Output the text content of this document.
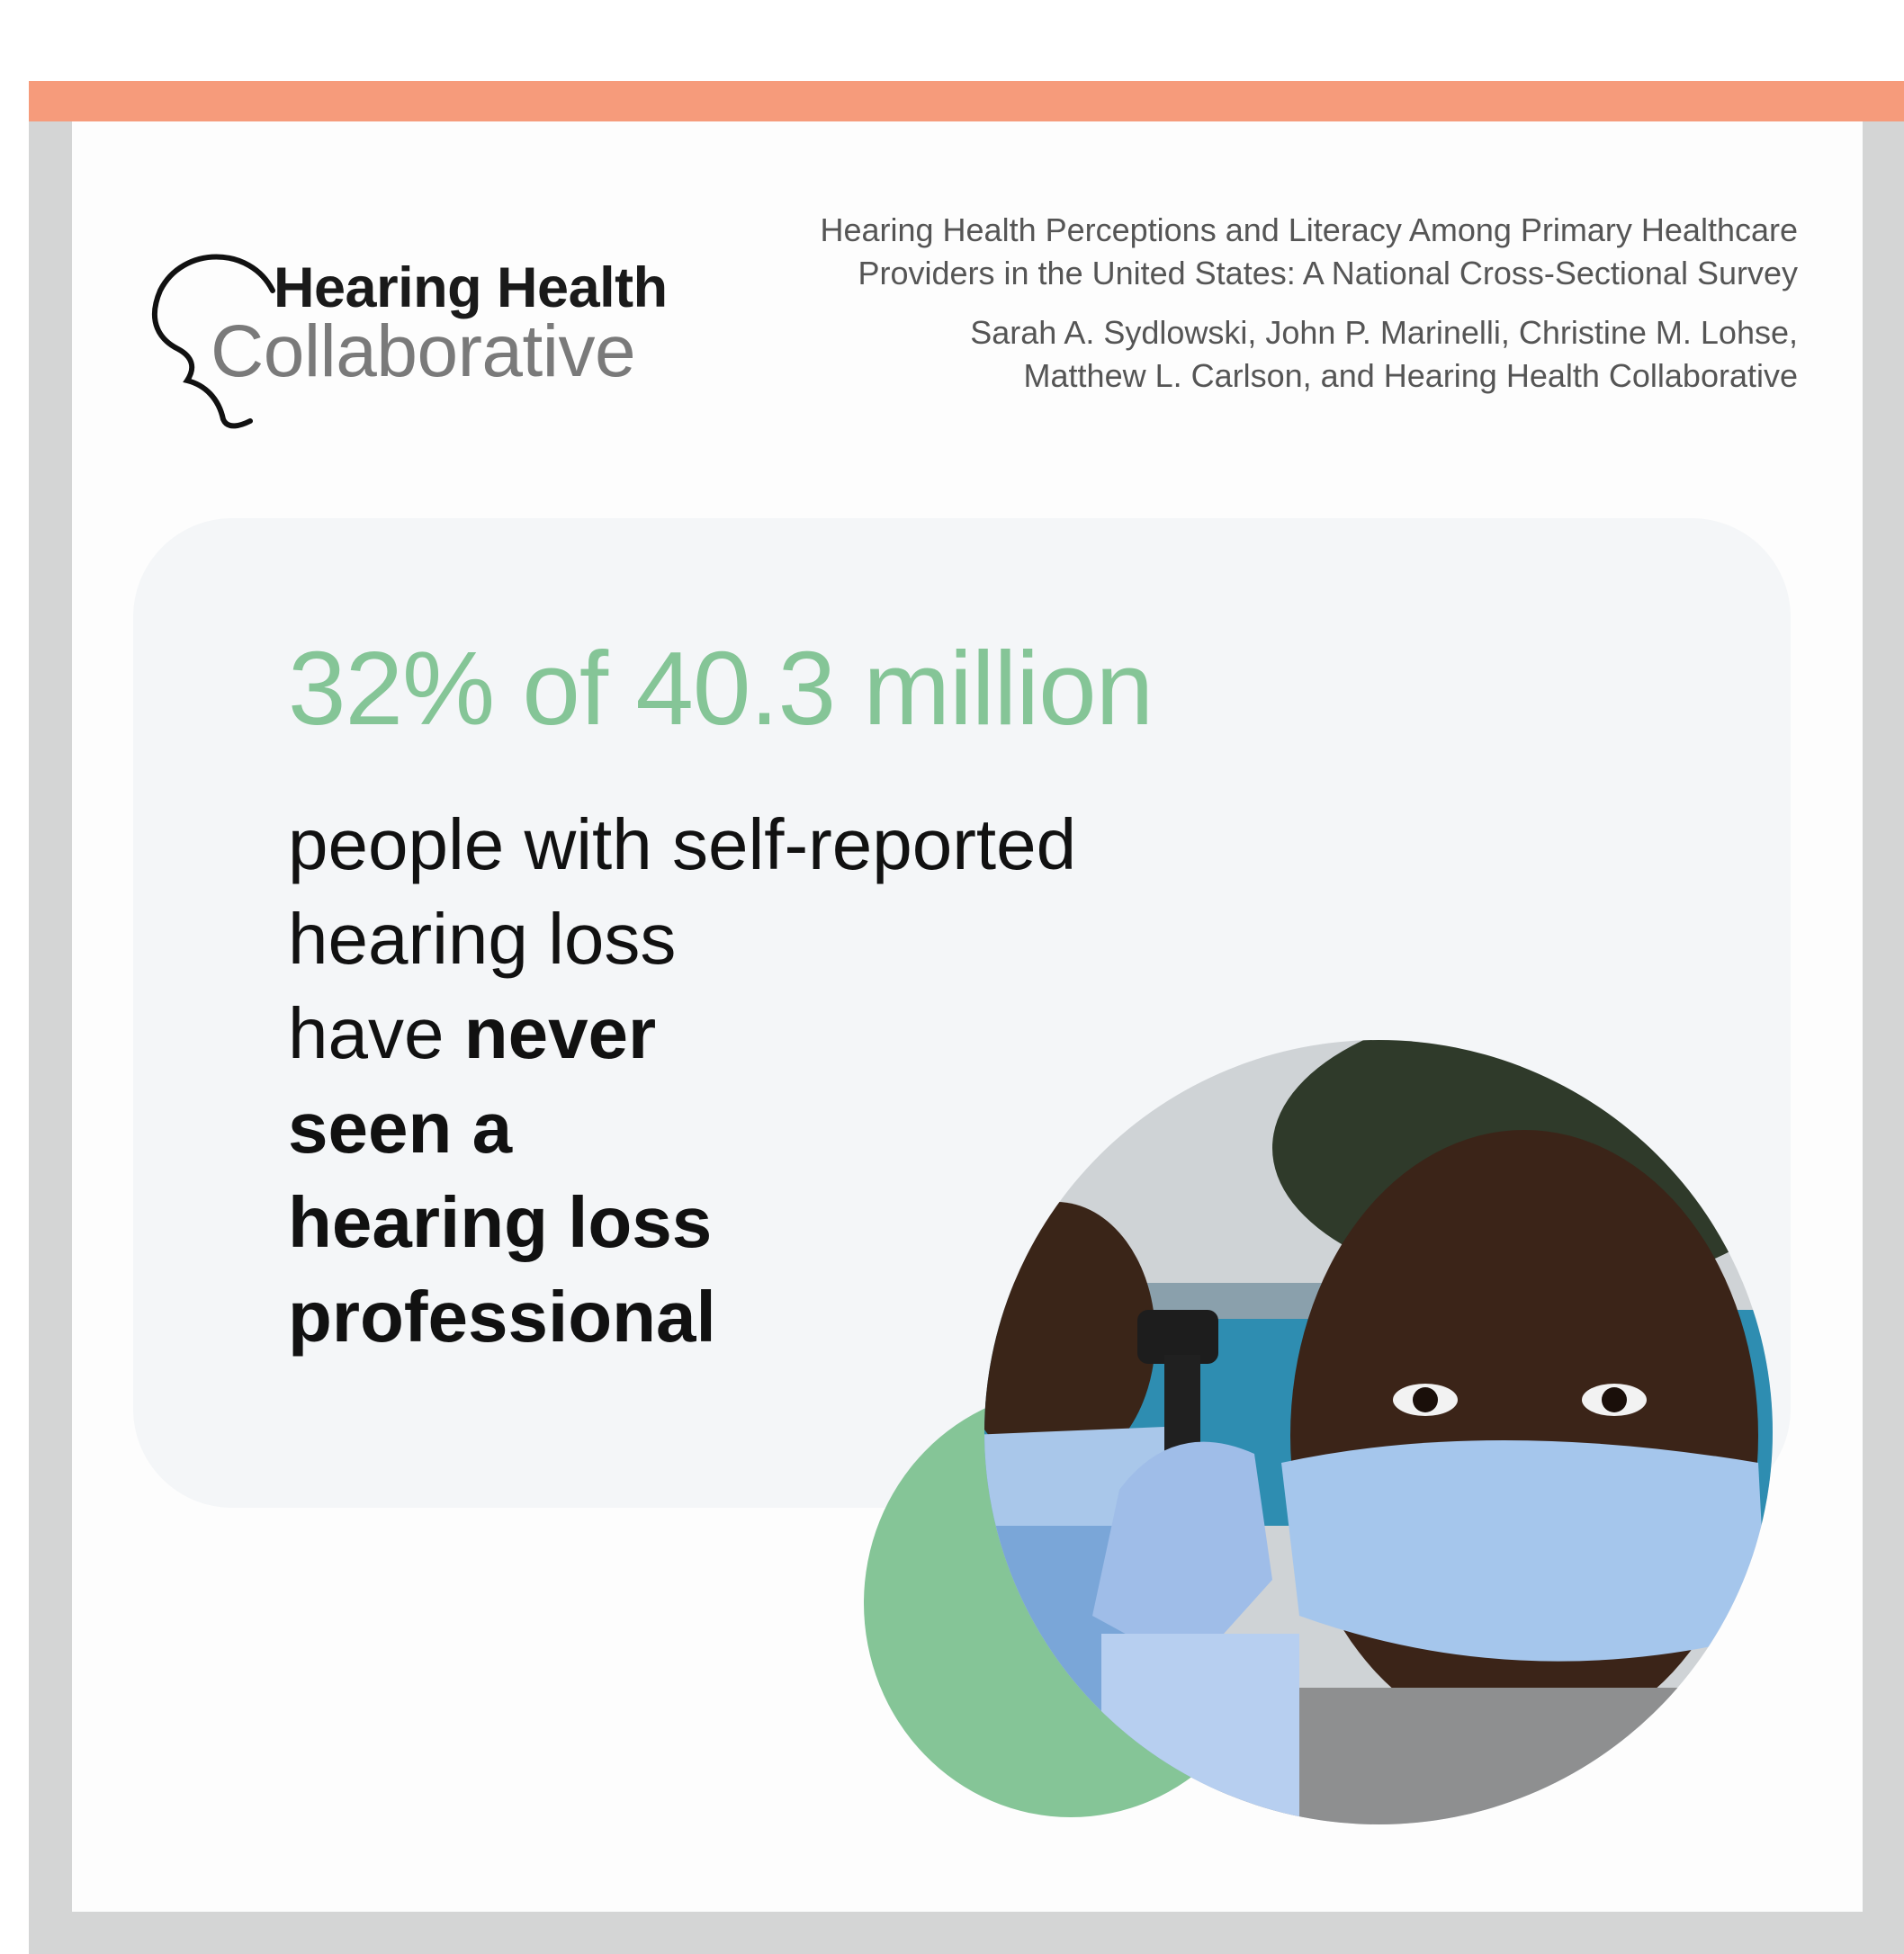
Hearing Health
Collaborative
Hearing Health Perceptions and Literacy Among Primary Healthcare
Providers in the United States: A National Cross-Sectional Survey
Sarah A. Sydlowski, John P. Marinelli, Christine M. Lohse,
Matthew L. Carlson, and Hearing Health Collaborative
32% of 40.3 million
people with self-reported
hearing loss
have never
seen a
hearing loss
professional
